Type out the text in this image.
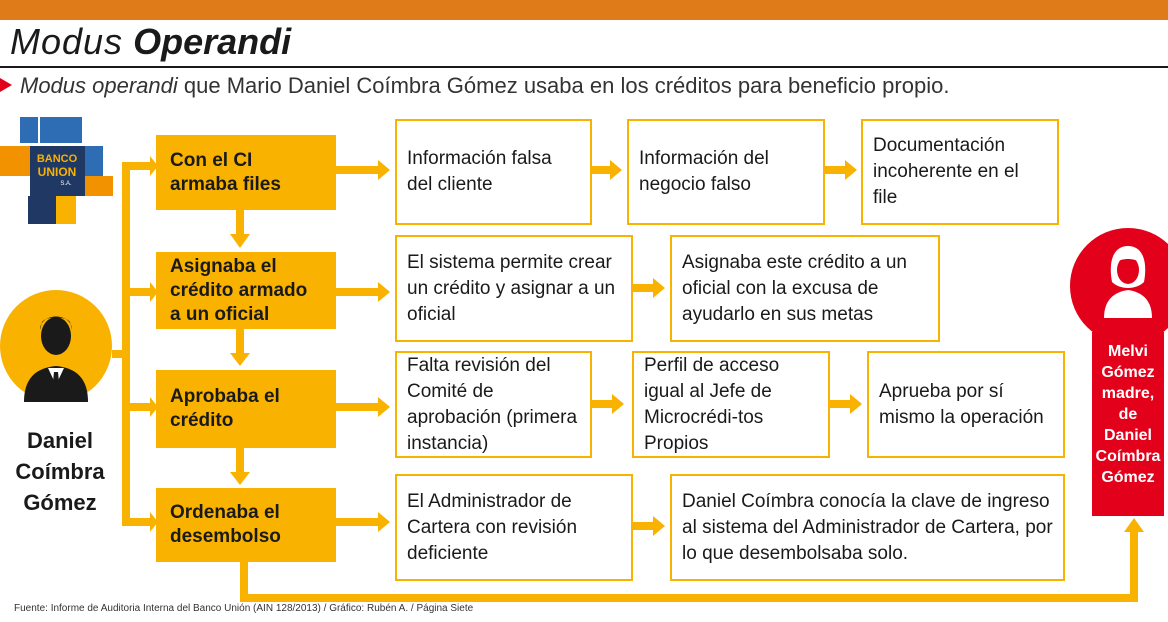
Modus Operandi
Modus operandi que Mario Daniel Coímbra Gómez usaba en los créditos para beneficio propio.
BANCO
UNION
S.A.
Daniel
Coímbra
Gómez
Con el CI armaba files
Asignaba el crédito armado a un oficial
Aprobaba el crédito
Ordenaba el desembolso
Información falsa del cliente
Información del negocio falso
Documentación incoherente en el file
El sistema permite crear un crédito y asignar a un oficial
Asignaba este crédito a un oficial con la excusa de ayudarlo en sus metas
Falta revisión del Comité de aprobación (primera instancia)
Perfil de acceso igual al Jefe de Microcrédi-tos Propios
Aprueba por sí mismo la operación
El Administrador de Cartera con revisión deficiente
Daniel Coímbra conocía la clave de ingreso al sistema del Administrador de Cartera, por lo que desembolsaba solo.
Melvi
Gómez
madre,
de
Daniel
Coímbra
Gómez
Fuente: Informe de Auditoria Interna del Banco Unión (AIN 128/2013) / Gráfico: Rubén A. / Página Siete
